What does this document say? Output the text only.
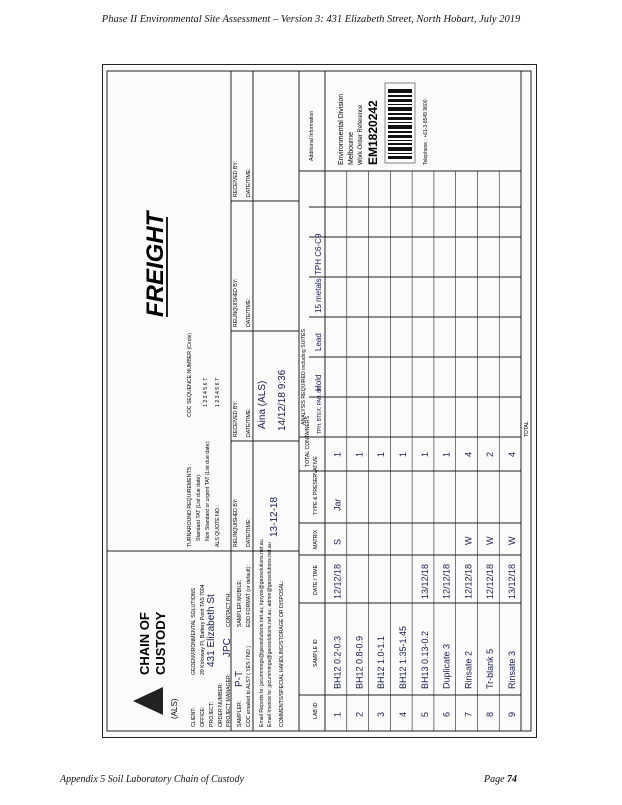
Phase II Environmental Site Assessment – Version 3: 431 Elizabeth Street, North Hobart, July 2019
(ALS)
CHAIN OF CUSTODY
CLIENT:
GEOENVIRONMENTAL SOLUTIONS
OFFICE:
29 Kirksway Pl, Battery Point TAS 7004
PROJECT: ORDER NUMBER: PROJECT MANAGER:
CONTACT PH:
SAMPLER:
SAMPLER MOBILE:
COC emailed to ALS? ( YES / NO )
EDD FORMAT (or default): Email Reports to: jpcummings@geosolutions.net.au; kpryce@geosolutions.net.au Email Invoice to: jpcummings@geosolutions.net.au; admin@geosolutions.net.au COMMENTS/SPECIAL HANDLING/STORAGE OR DISPOSAL:
TURNAROUND REQUIREMENTS : Standard TAT (List due date): Non Standard or urgent TAT (List due date): ALS QUOTE NO.:
COC SEQUENCE NUMBER (Circle) 1 2 3 4 5 6 7 1 2 3 4 5 6 7
RELINQUISHED BY:
RECEIVED BY:
RELINQUISHED BY:
RECEIVED BY:
DATE/TIME:
DATE/TIME:
DATE/TIME:
DATE/TIME:
431 Elizabeth St JPC
P-T
13-12-18
Aina (ALS) 14/12/18 9:36
FREIGHT
LAB ID
SAMPLE ID
DATE / TIME
MATRIX
TYPE & PRESERVATIVE
TOTAL CONTAINERS
ANALYSIS REQUIRED including SUITES
Additional Information
TPH, BTEX, PAH, 8M
Hold
Lead
15 metals
TPH C6-C9
Environmental Division Melbourne Work Order Reference EM1820242	Telephone : +61-3-8549 9600
1
BH12 0.2-0.3
12/12/18
S
Jar
1
2
BH12 0.8-0.9
1
3
BH12 1.0-1.1
1
4
BH12 1.35-1.45
1
5
BH13 0.13-0.2
13/12/18
1
6
Duplicate 3
12/12/18
1
7
Rinsate 2
12/12/18
W
4
8
Tr-blank 5
12/12/18
W
2
9
Rinsate 3
13/12/18
W
4
TOTAL
Appendix 5 Soil Laboratory Chain of Custody	Page 74
